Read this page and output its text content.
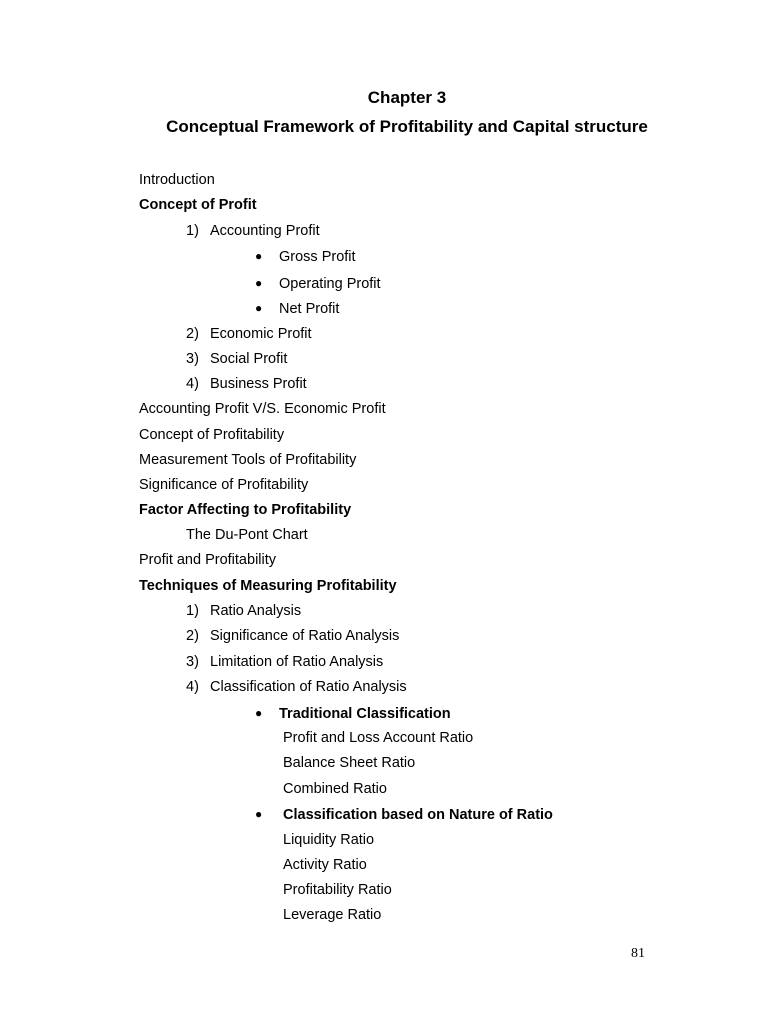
Chapter 3
Conceptual Framework of Profitability and Capital structure
Introduction
Concept of Profit
1) Accounting Profit
● Gross Profit
● Operating Profit
● Net Profit
2) Economic Profit
3) Social Profit
4) Business Profit
Accounting Profit V/S. Economic Profit
Concept of Profitability
Measurement Tools of Profitability
Significance of Profitability
Factor Affecting to Profitability
The Du-Pont Chart
Profit and Profitability
Techniques of Measuring Profitability
1) Ratio Analysis
2) Significance of Ratio Analysis
3) Limitation of Ratio Analysis
4) Classification of Ratio Analysis
● Traditional Classification
Profit and Loss Account Ratio
Balance Sheet Ratio
Combined Ratio
● Classification based on Nature of Ratio
Liquidity Ratio
Activity Ratio
Profitability Ratio
Leverage Ratio
81
